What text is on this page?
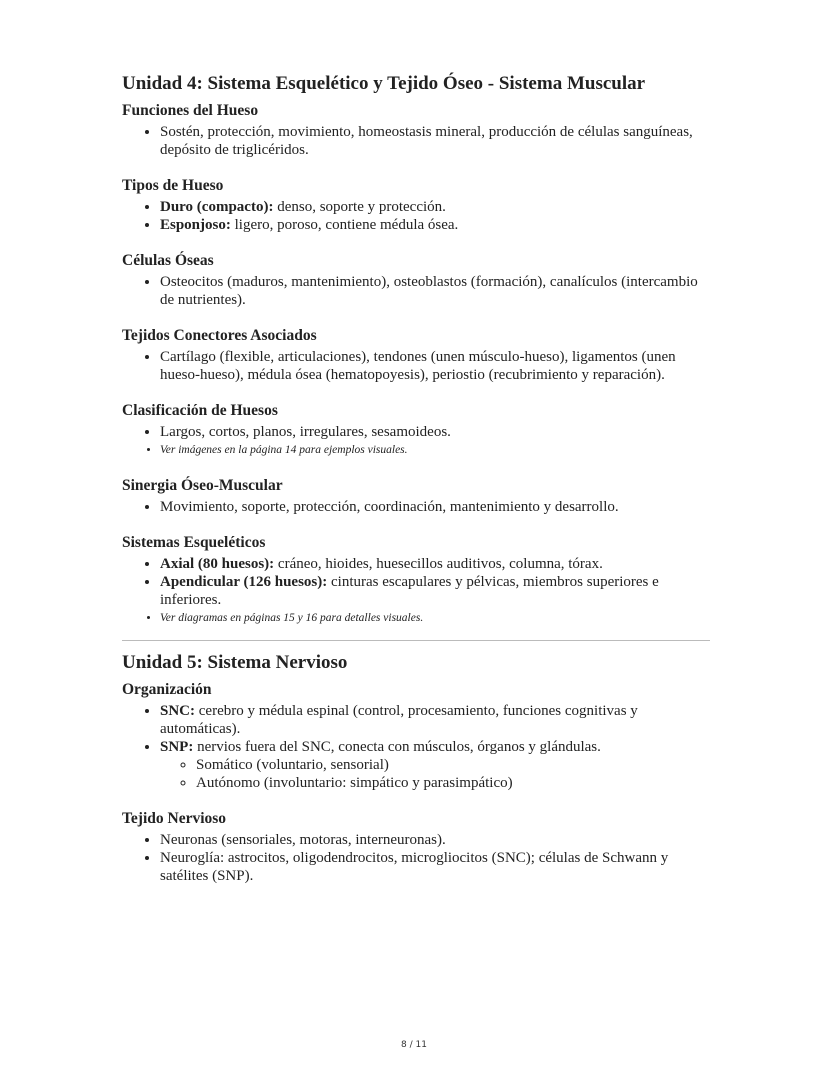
Unidad 4: Sistema Esquelético y Tejido Óseo - Sistema Muscular
Funciones del Hueso
• Sostén, protección, movimiento, homeostasis mineral, producción de células sanguíneas, depósito de triglicéridos.
Tipos de Hueso
• Duro (compacto): denso, soporte y protección.
• Esponjoso: ligero, poroso, contiene médula ósea.
Células Óseas
• Osteocitos (maduros, mantenimiento), osteoblastos (formación), canalículos (intercambio de nutrientes).
Tejidos Conectores Asociados
• Cartílago (flexible, articulaciones), tendones (unen músculo-hueso), ligamentos (unen hueso-hueso), médula ósea (hematopoyesis), periostio (recubrimiento y reparación).
Clasificación de Huesos
• Largos, cortos, planos, irregulares, sesamoideos.
• Ver imágenes en la página 14 para ejemplos visuales.
Sinergia Óseo-Muscular
• Movimiento, soporte, protección, coordinación, mantenimiento y desarrollo.
Sistemas Esqueléticos
• Axial (80 huesos): cráneo, hioides, huesecillos auditivos, columna, tórax.
• Apendicular (126 huesos): cinturas escapulares y pélvicas, miembros superiores e inferiores.
• Ver diagramas en páginas 15 y 16 para detalles visuales.
Unidad 5: Sistema Nervioso
Organización
• SNC: cerebro y médula espinal (control, procesamiento, funciones cognitivas y automáticas).
• SNP: nervios fuera del SNC, conecta con músculos, órganos y glándulas.
◦ Somático (voluntario, sensorial)
◦ Autónomo (involuntario: simpático y parasimpático)
Tejido Nervioso
• Neuronas (sensoriales, motoras, interneuronas).
• Neuroglía: astrocitos, oligodendrocitos, microgliocitos (SNC); células de Schwann y satélites (SNP).
8 / 11
